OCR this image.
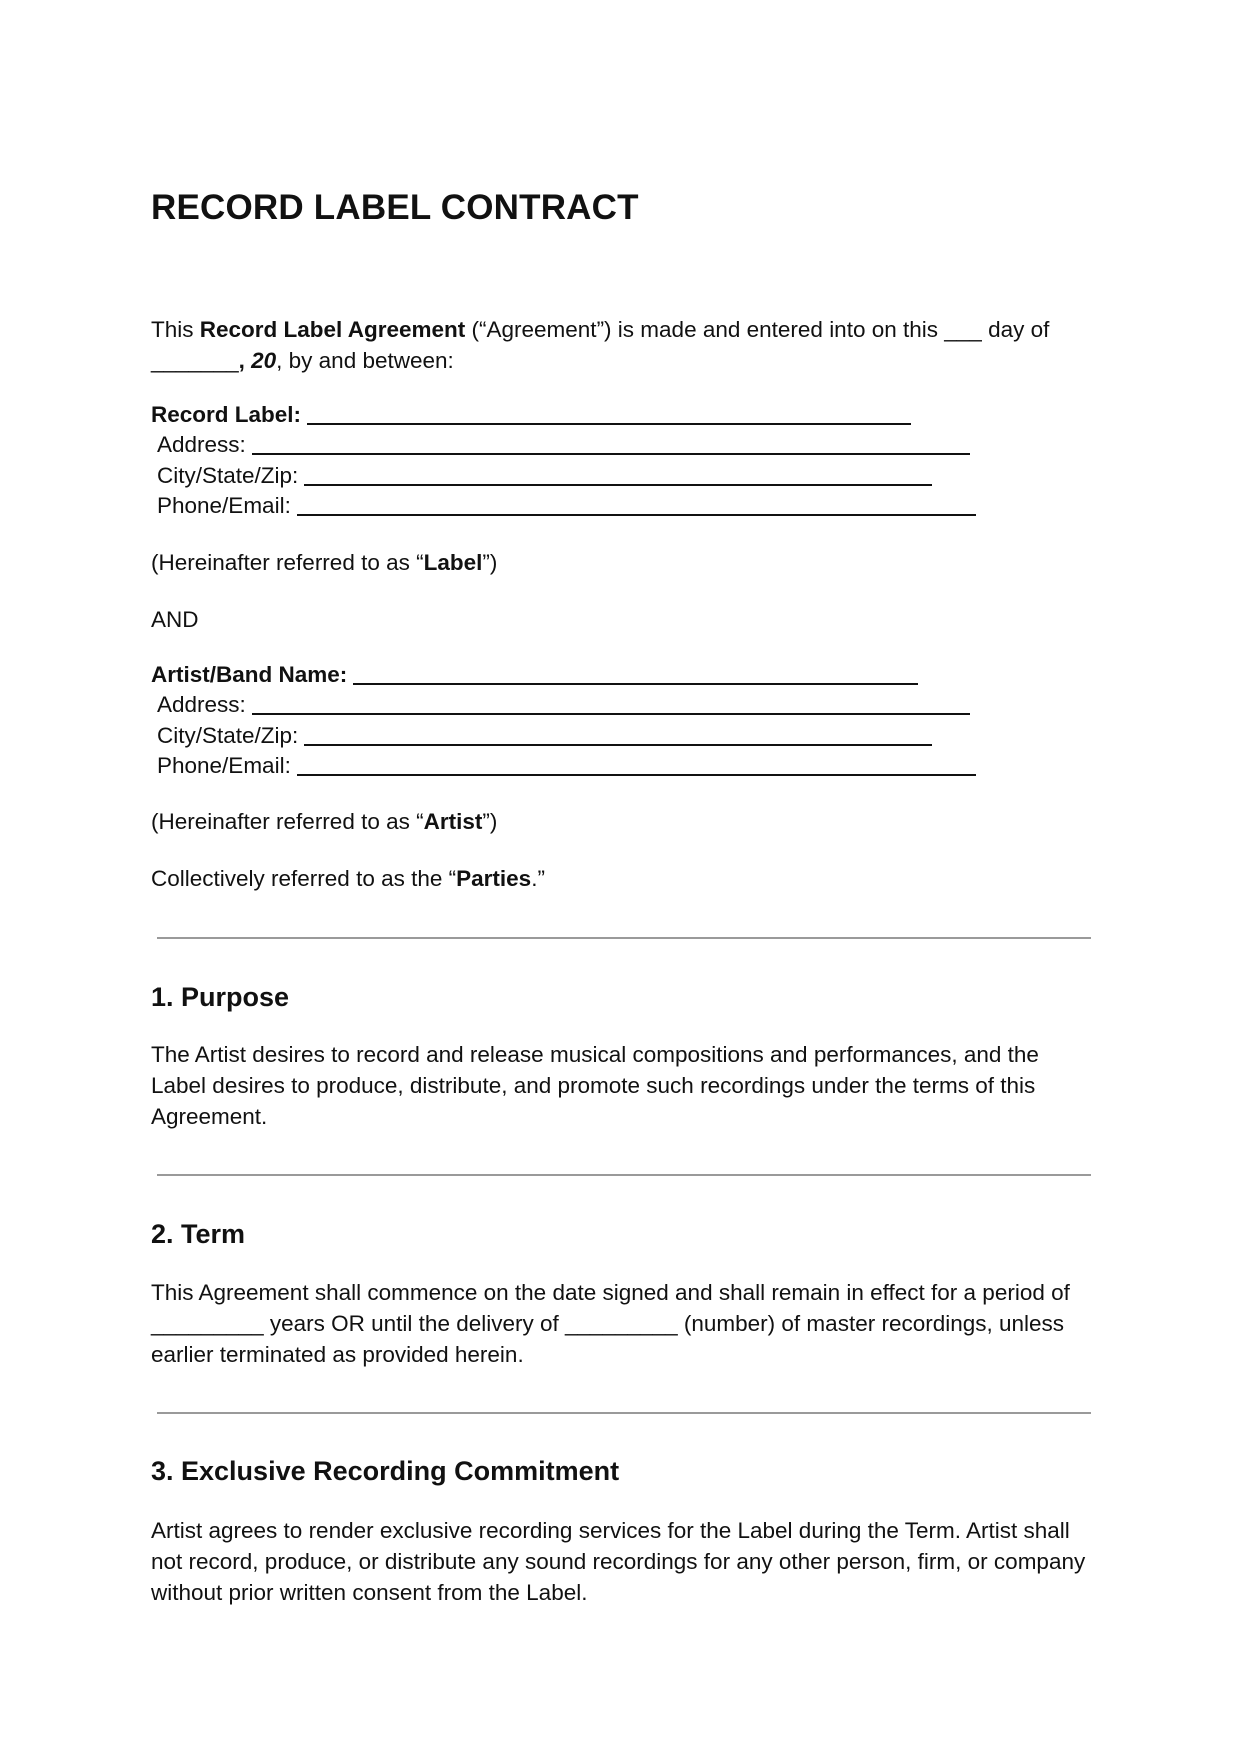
RECORD LABEL CONTRACT
This Record Label Agreement (“Agreement”) is made and entered into on this ___ day of
_______, 20, by and between:
Record Label:
Address:
City/State/Zip:
Phone/Email:
(Hereinafter referred to as “Label”)
AND
Artist/Band Name:
Address:
City/State/Zip:
Phone/Email:
(Hereinafter referred to as “Artist”)
Collectively referred to as the “Parties.”
1. Purpose
The Artist desires to record and release musical compositions and performances, and the Label desires to produce, distribute, and promote such recordings under the terms of this Agreement.
2. Term
This Agreement shall commence on the date signed and shall remain in effect for a period of
_________ years OR until the delivery of _________ (number) of master recordings, unless
earlier terminated as provided herein.
3. Exclusive Recording Commitment
Artist agrees to render exclusive recording services for the Label during the Term. Artist shall not record, produce, or distribute any sound recordings for any other person, firm, or company without prior written consent from the Label.
